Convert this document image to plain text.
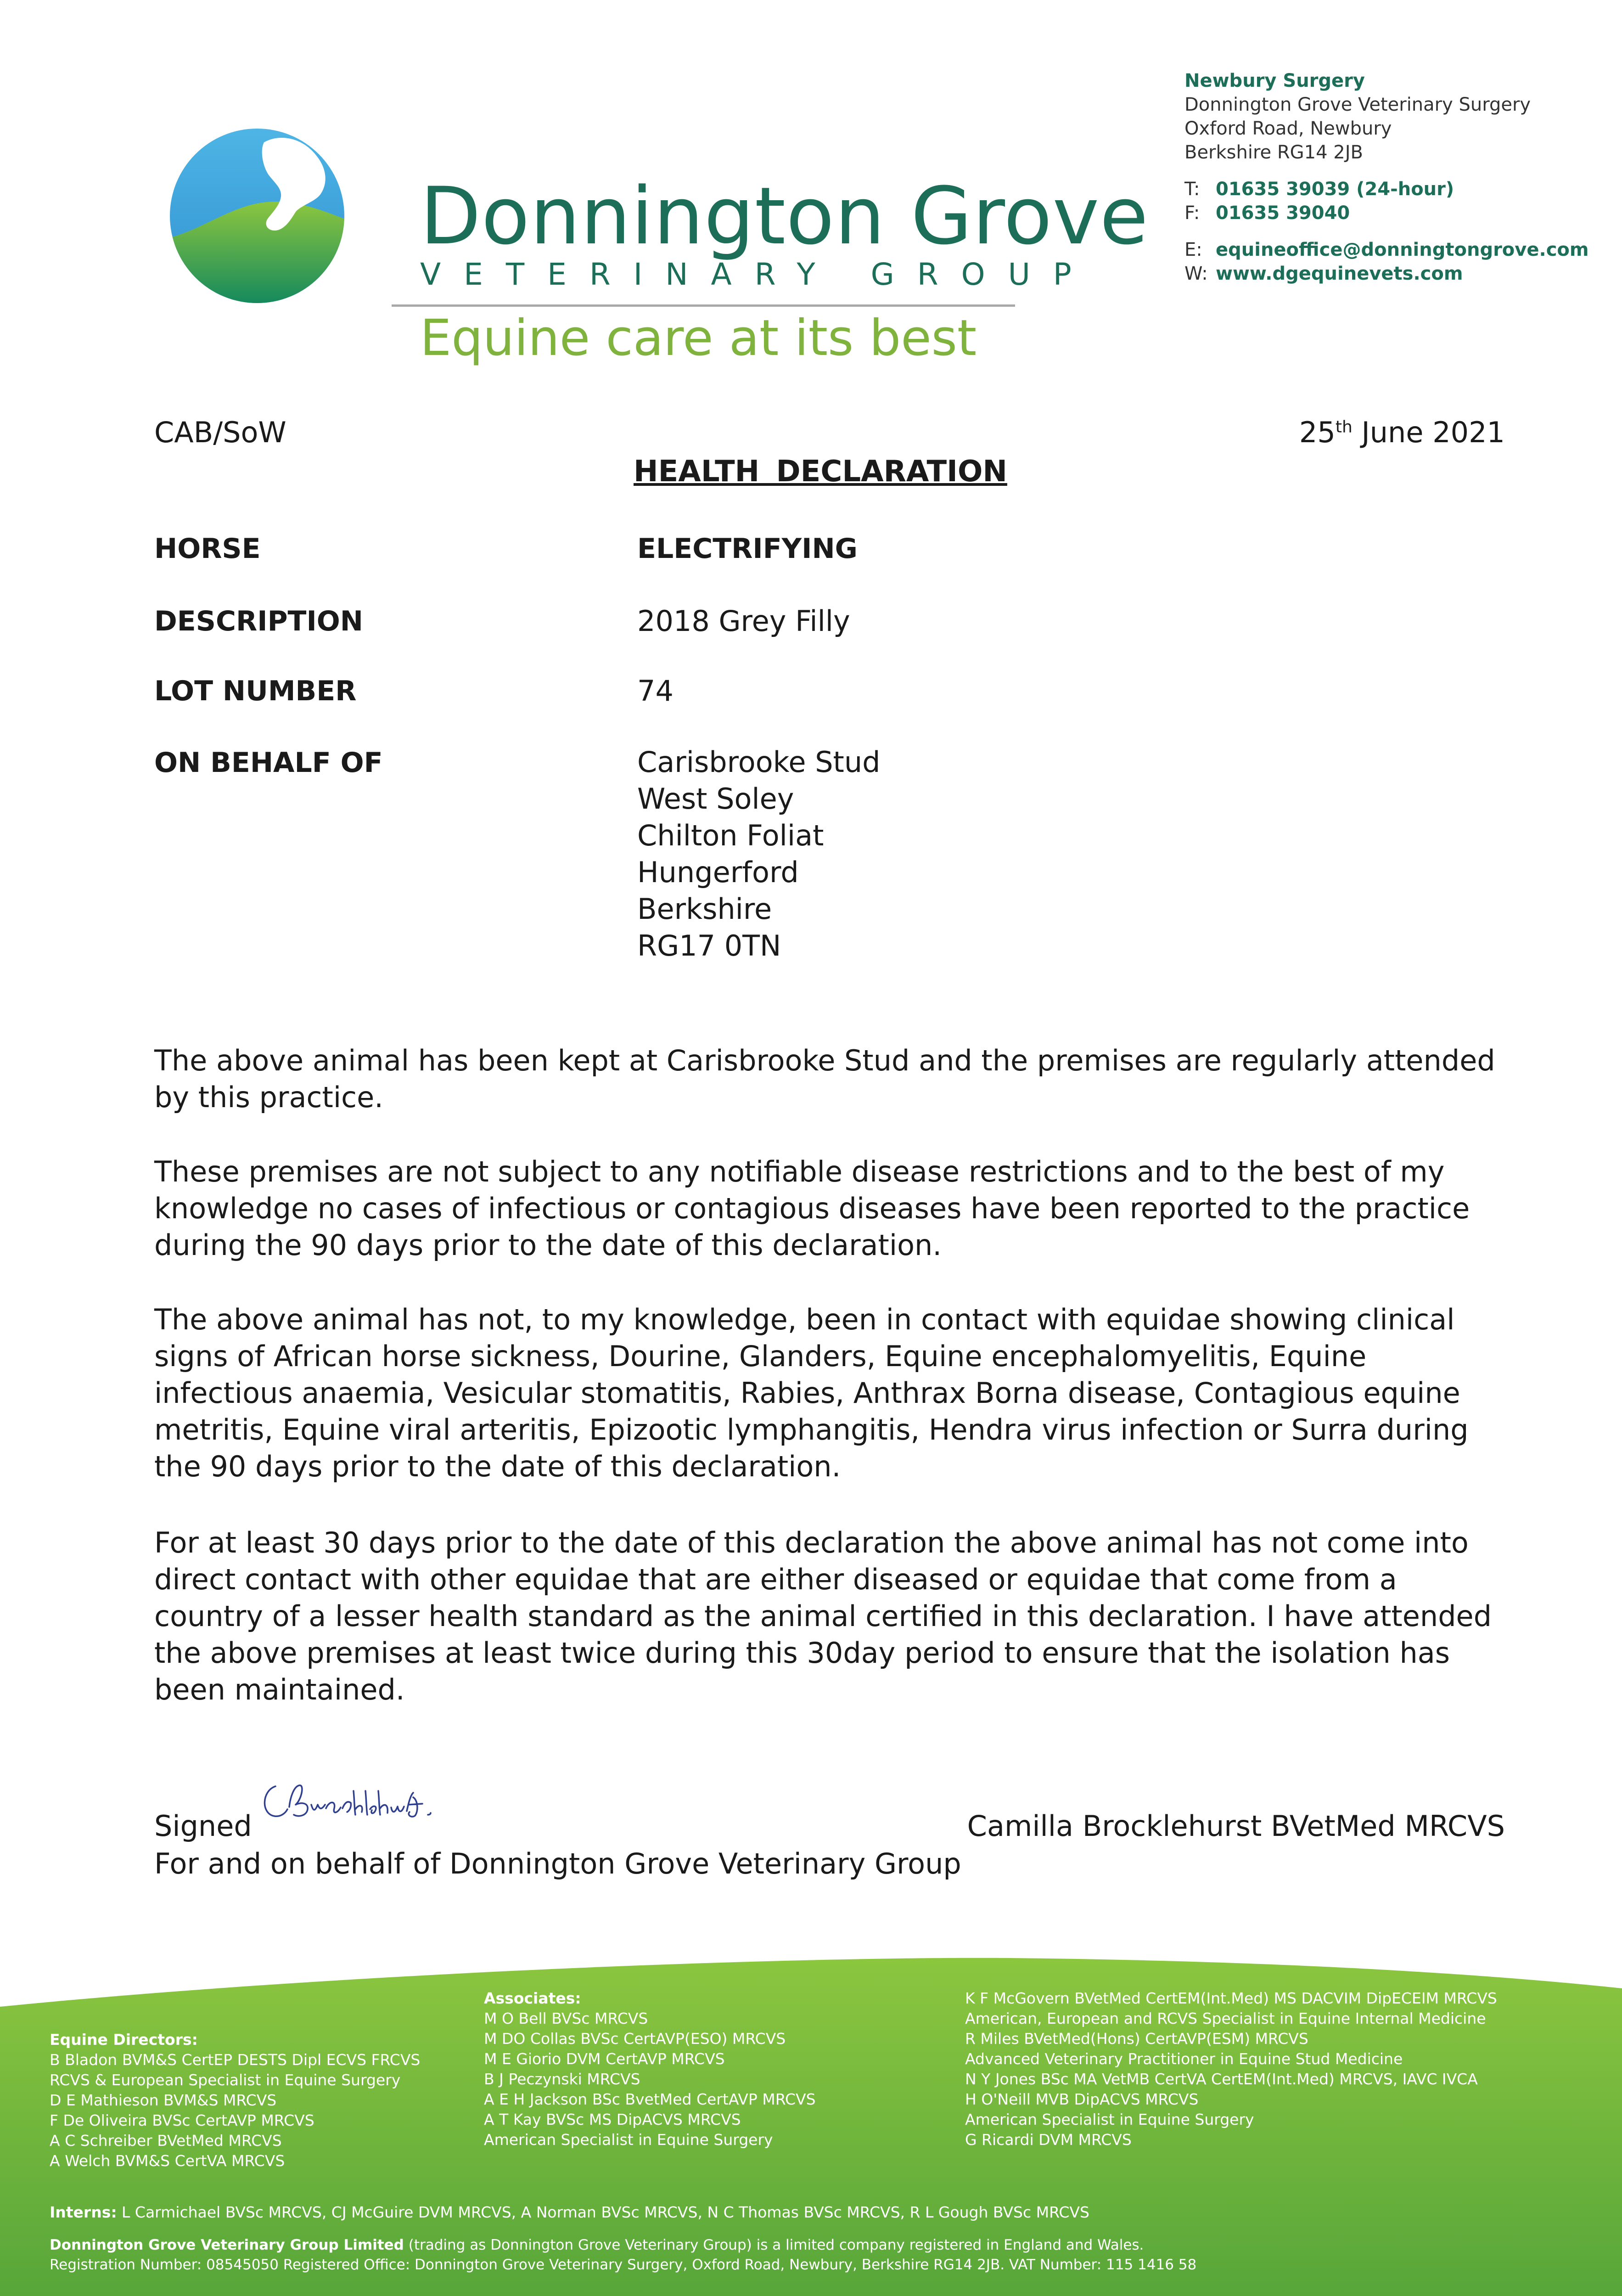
Donnington Grove
VETERINARY GROUP
Equine care at its best
Newbury Surgery
Donnington Grove Veterinary Surgery
Oxford Road, Newbury
Berkshire RG14 2JB
T: 01635 39039 (24-hour)
F: 01635 39040
E: equineoffice@donningtongrove.com
W: www.dgequinevets.com
CAB/SoW	25th June 2021
HEALTH DECLARATION
HORSE	ELECTRIFYING
DESCRIPTION	2018 Grey Filly
LOT NUMBER	74
ON BEHALF OF	Carisbrooke Stud
West Soley
Chilton Foliat
Hungerford
Berkshire
RG17 0TN

The above animal has been kept at Carisbrooke Stud and the premises are regularly attended by this practice.

These premises are not subject to any notifiable disease restrictions and to the best of my knowledge no cases of infectious or contagious diseases have been reported to the practice during the 90 days prior to the date of this declaration.

The above animal has not, to my knowledge, been in contact with equidae showing clinical signs of African horse sickness, Dourine, Glanders, Equine encephalomyelitis, Equine infectious anaemia, Vesicular stomatitis, Rabies, Anthrax Borna disease, Contagious equine metritis, Equine viral arteritis, Epizootic lymphangitis, Hendra virus infection or Surra during the 90 days prior to the date of this declaration.

For at least 30 days prior to the date of this declaration the above animal has not come into direct contact with other equidae that are either diseased or equidae that come from a country of a lesser health standard as the animal certified in this declaration. I have attended the above premises at least twice during this 30day period to ensure that the isolation has been maintained.

Signed	Camilla Brocklehurst BVetMed MRCVS
For and on behalf of Donnington Grove Veterinary Group
Equine Directors:
B Bladon BVM&S CertEP DESTS Dipl ECVS FRCVS
RCVS & European Specialist in Equine Surgery
D E Mathieson BVM&S MRCVS
F De Oliveira BVSc CertAVP MRCVS
A C Schreiber BVetMed MRCVS
A Welch BVM&S CertVA MRCVS
Associates:
M O Bell BVSc MRCVS
M DO Collas BVSc CertAVP(ESO) MRCVS
M E Giorio DVM CertAVP MRCVS
B J Peczynski MRCVS
A E H Jackson BSc BvetMed CertAVP MRCVS
A T Kay BVSc MS DipACVS MRCVS
American Specialist in Equine Surgery
K F McGovern BVetMed CertEM(Int.Med) MS DACVIM DipECEIM MRCVS
American, European and RCVS Specialist in Equine Internal Medicine
R Miles BVetMed(Hons) CertAVP(ESM) MRCVS
Advanced Veterinary Practitioner in Equine Stud Medicine
N Y Jones BSc MA VetMB CertVA CertEM(Int.Med) MRCVS, IAVC IVCA
H O'Neill MVB DipACVS MRCVS
American Specialist in Equine Surgery
G Ricardi DVM MRCVS
Interns: L Carmichael BVSc MRCVS, CJ McGuire DVM MRCVS, A Norman BVSc MRCVS, N C Thomas BVSc MRCVS, R L Gough BVSc MRCVS
Donnington Grove Veterinary Group Limited (trading as Donnington Grove Veterinary Group) is a limited company registered in England and Wales.
Registration Number: 08545050 Registered Office: Donnington Grove Veterinary Surgery, Oxford Road, Newbury, Berkshire RG14 2JB. VAT Number: 115 1416 58
